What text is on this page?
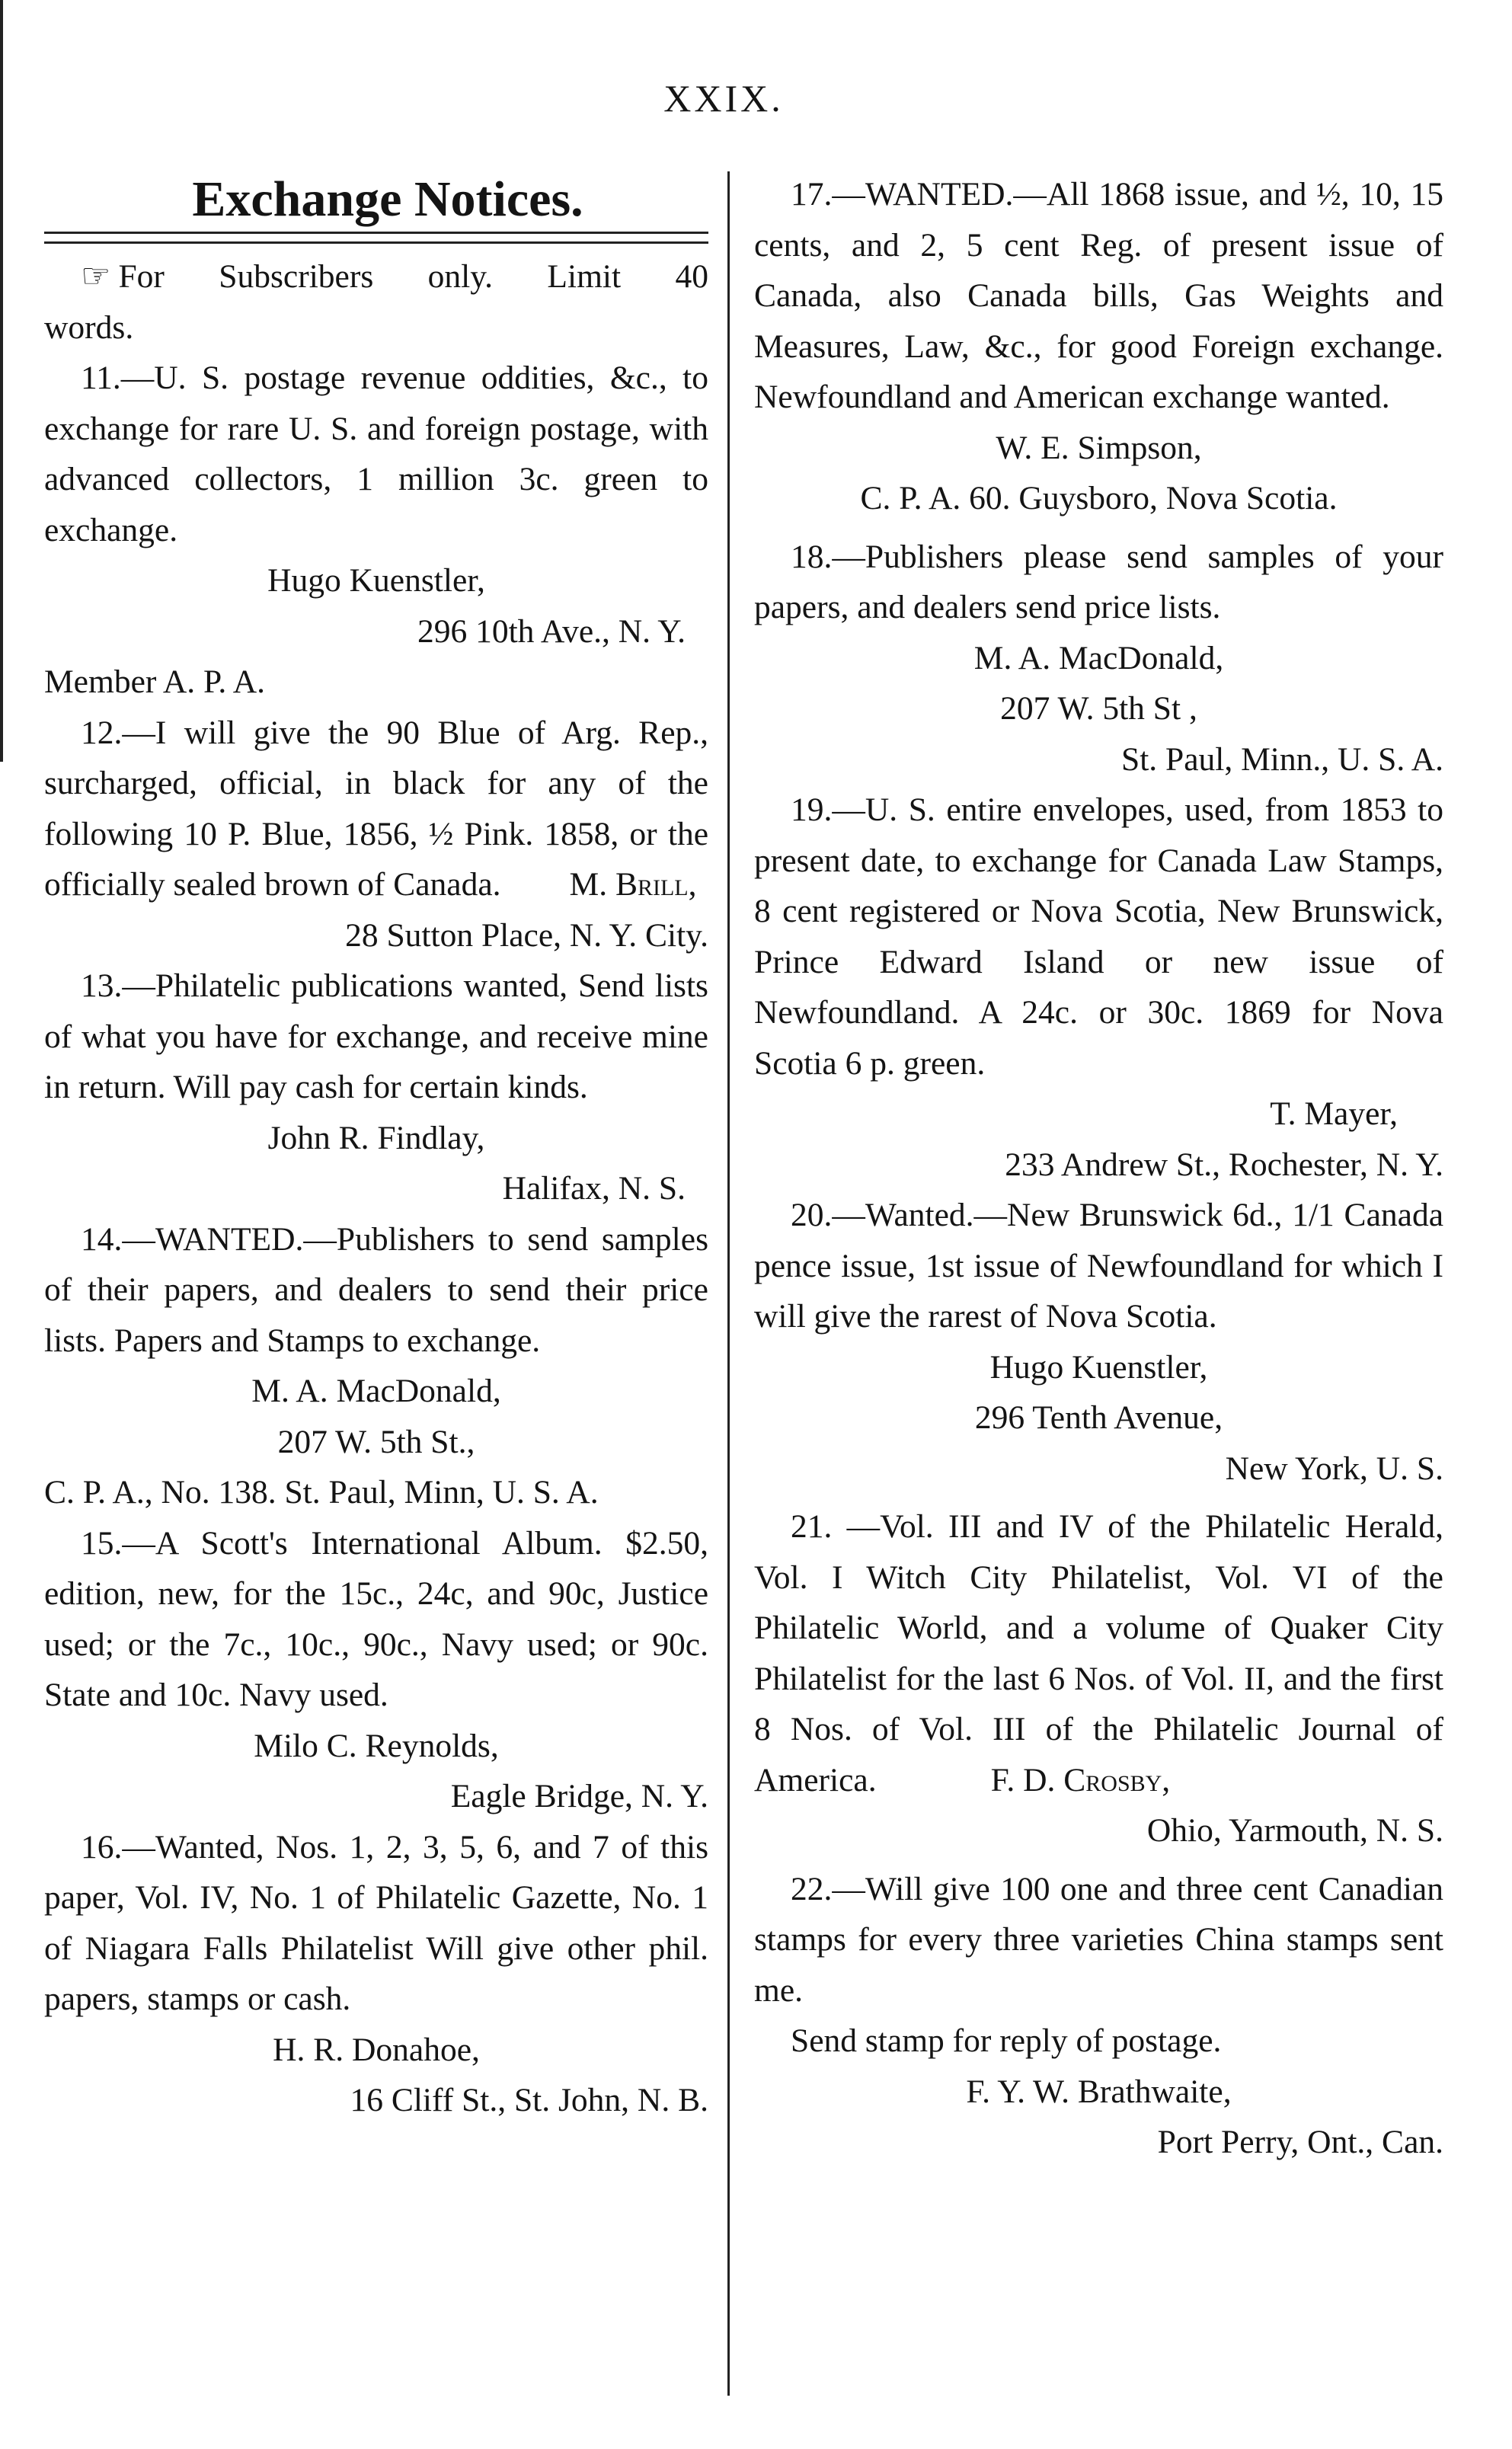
XXIX.
Exchange Notices.
☞ For Subscribers only. Limit 40
words.

11.—U. S. postage revenue oddities, &c., to exchange for rare U. S. and foreign postage, with advanced collectors, 1 million 3c. green to exchange.

Hugo Kuenstler,
296 10th Ave., N. Y.
Member A. P. A.

12.—I will give the 90 Blue of Arg. Rep., surcharged, official, in black for any of the following 10 P. Blue, 1856, ½ Pink. 1858, or the officially sealed brown of Canada. M. Brill,

28 Sutton Place, N. Y. City.

13.—Philatelic publications wanted, Send lists of what you have for exchange, and receive mine in return. Will pay cash for certain kinds.

John R. Findlay,
Halifax, N. S.

14.—WANTED.—Publishers to send samples of their papers, and dealers to send their price lists. Papers and Stamps to exchange.

M. A. MacDonald,
207 W. 5th St.,
C. P. A., No. 138. St. Paul, Minn, U. S. A.

15.—A Scott's International Album. $2.50, edition, new, for the 15c., 24c, and 90c, Justice used; or the 7c., 10c., 90c., Navy used; or 90c. State and 10c. Navy used.

Milo C. Reynolds,
Eagle Bridge, N. Y.

16.—Wanted, Nos. 1, 2, 3, 5, 6, and 7 of this paper, Vol. IV, No. 1 of Philatelic Gazette, No. 1 of Niagara Falls Philatelist Will give other phil. papers, stamps or cash.

H. R. Donahoe,
16 Cliff St., St. John, N. B.

17.—WANTED.—All 1868 issue, and ½, 10, 15 cents, and 2, 5 cent Reg. of present issue of Canada, also Canada bills, Gas Weights and Measures, Law, &c., for good Foreign exchange. Newfoundland and American exchange wanted.

W. E. Simpson,
C. P. A. 60. Guysboro, Nova Scotia.

18.—Publishers please send samples of your papers, and dealers send price lists.

M. A. MacDonald,
207 W. 5th St ,
St. Paul, Minn., U. S. A.

19.—U. S. entire envelopes, used, from 1853 to present date, to exchange for Canada Law Stamps, 8 cent registered or Nova Scotia, New Brunswick, Prince Edward Island or new issue of Newfoundland. A 24c. or 30c. 1869 for Nova Scotia 6 p. green.

T. Mayer,
233 Andrew St., Rochester, N. Y.

20.—Wanted.—New Brunswick 6d., 1/1 Canada pence issue, 1st issue of Newfoundland for which I will give the rarest of Nova Scotia.

Hugo Kuenstler,
296 Tenth Avenue,
New York, U. S.

21. —Vol. III and IV of the Philatelic Herald, Vol. I Witch City Philatelist, Vol. VI of the Philatelic World, and a volume of Quaker City Philatelist for the last 6 Nos. of Vol. II, and the first 8 Nos. of Vol. III of the Philatelic Journal of America.	F. D. Crosby,

Ohio, Yarmouth, N. S.

22.—Will give 100 one and three cent Canadian stamps for every three varieties China stamps sent me.

Send stamp for reply of postage.

F. Y. W. Brathwaite,
Port Perry, Ont., Can.
